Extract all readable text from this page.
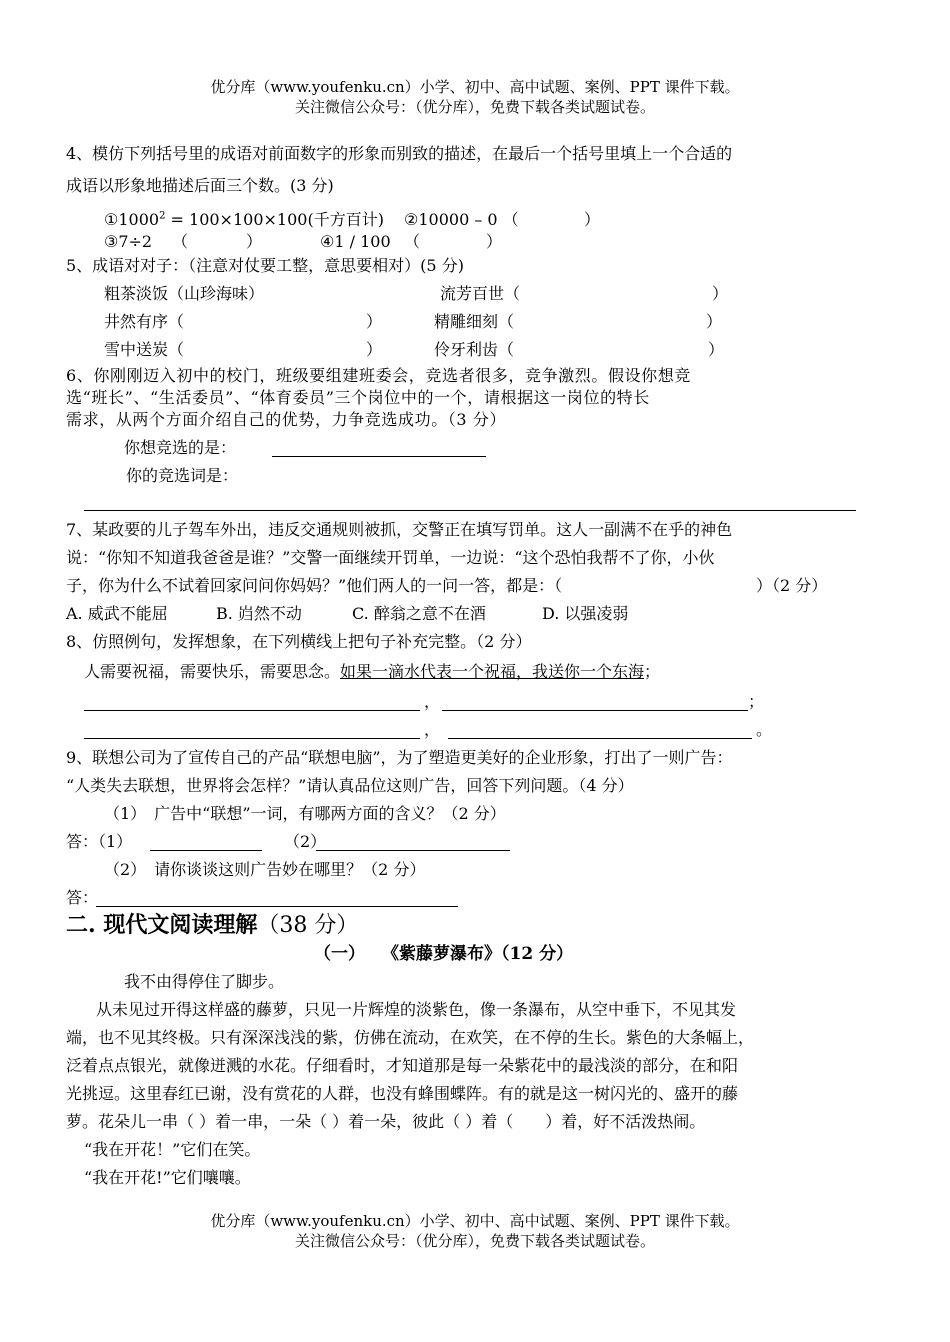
优分库（www.youfenku.cn）小学、初中、高中试题、案例、PPT 课件下载。
关注微信公众号：（优分库），免费下载各类试题试卷。
4、模仿下列括号里的成语对前面数字的形象而别致的描述，在最后一个括号里填上一个合适的
成语以形象地描述后面三个数。(3 分)
$①1000^2 = 100\times 100\times 100$(千方百计) ②10000 – 0 （	）
③7÷2 （	）	④1 / 100 （	）
5、成语对对子：（注意对仗要工整，意思要相对）(5 分)
粗茶淡饭（山珍海味）	流芳百世（	）
井然有序（	）	精雕细刻（	）
雪中送炭（	）	伶牙利齿（	）
6、你刚刚迈入初中的校门，班级要组建班委会，竞选者很多，竞争激烈。假设你想竞
选“班长”、“生活委员”、“体育委员”三个岗位中的一个，请根据这一岗位的特长
需求，从两个方面介绍自己的优势，力争竞选成功。（3 分）
你想竞选的是：
你的竞选词是：
7、某政要的儿子驾车外出，违反交通规则被抓，交警正在填写罚单。这人一副满不在乎的神色
说：“你知不知道我爸爸是谁？”交警一面继续开罚单，一边说：“这个恐怕我帮不了你，小伙
子，你为什么不试着回家问问你妈妈？”他们两人的一问一答，都是：（	）（2 分）
A. 威武不能屈	B. 岿然不动	C. 醉翁之意不在酒	D. 以强凌弱
8、仿照例句，发挥想象，在下列横线上把句子补充完整。（2 分）
人需要祝福，需要快乐，需要思念。如果一滴水代表一个祝福，我送你一个东海；
，	；
，	。
9、联想公司为了宣传自己的产品“联想电脑”，为了塑造更美好的企业形象，打出了一则广告：
“人类失去联想，世界将会怎样？”请认真品位这则广告，回答下列问题。（4 分）
（1）　广告中“联想”一词，有哪两方面的含义？（2 分）
答：（1）	（2）
（2）　请你谈谈这则广告妙在哪里？（2 分）
答：
二. 现代文阅读理解（38 分）
（一）　　《紫藤萝瀑布》（12 分）
我不由得停住了脚步。
从未见过开得这样盛的藤萝，只见一片辉煌的淡紫色，像一条瀑布，从空中垂下，不见其发
端，也不见其终极。只有深深浅浅的紫，仿佛在流动，在欢笑，在不停的生长。紫色的大条幅上，
泛着点点银光，就像迸溅的水花。仔细看时，才知道那是每一朵紫花中的最浅淡的部分，在和阳
光挑逗。这里春红已谢，没有赏花的人群，也没有蜂围蝶阵。有的就是这一树闪光的、盛开的藤
萝。花朵儿一串（ ）着一串，一朵（ ）着一朵，彼此（ ）着（　　）着，好不活泼热闹。
“我在开花！”它们在笑。
“我在开花!”它们嚷嚷。
优分库（www.youfenku.cn）小学、初中、高中试题、案例、PPT 课件下载。
关注微信公众号：（优分库），免费下载各类试题试卷。
